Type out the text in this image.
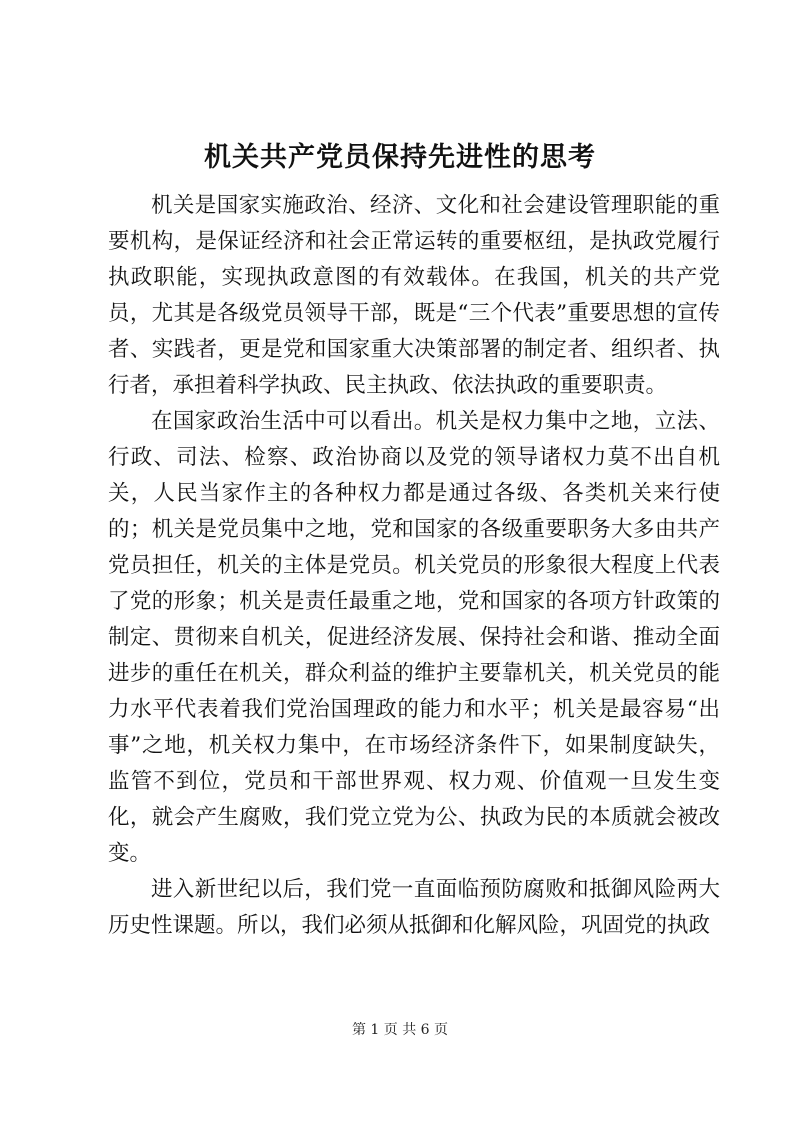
机关共产党员保持先进性的思考

机关是国家实施政治、经济、文化和社会建设管理职能的重要机构，是保证经济和社会正常运转的重要枢纽，是执政党履行执政职能，实现执政意图的有效载体。在我国，机关的共产党员，尤其是各级党员领导干部，既是“三个代表”重要思想的宣传者、实践者，更是党和国家重大决策部署的制定者、组织者、执行者，承担着科学执政、民主执政、依法执政的重要职责。

在国家政治生活中可以看出。机关是权力集中之地，立法、行政、司法、检察、政治协商以及党的领导诸权力莫不出自机关，人民当家作主的各种权力都是通过各级、各类机关来行使的；机关是党员集中之地，党和国家的各级重要职务大多由共产党员担任，机关的主体是党员。机关党员的形象很大程度上代表了党的形象；机关是责任最重之地，党和国家的各项方针政策的制定、贯彻来自机关，促进经济发展、保持社会和谐、推动全面进步的重任在机关，群众利益的维护主要靠机关，机关党员的能力水平代表着我们党治国理政的能力和水平；机关是最容易“出事”之地，机关权力集中，在市场经济条件下，如果制度缺失，监管不到位，党员和干部世界观、权力观、价值观一旦发生变化，就会产生腐败，我们党立党为公、执政为民的本质就会被改变。

进入新世纪以后，我们党一直面临预防腐败和抵御风险两大历史性课题。所以，我们必须从抵御和化解风险，巩固党的执政

第 1 页 共 6 页
